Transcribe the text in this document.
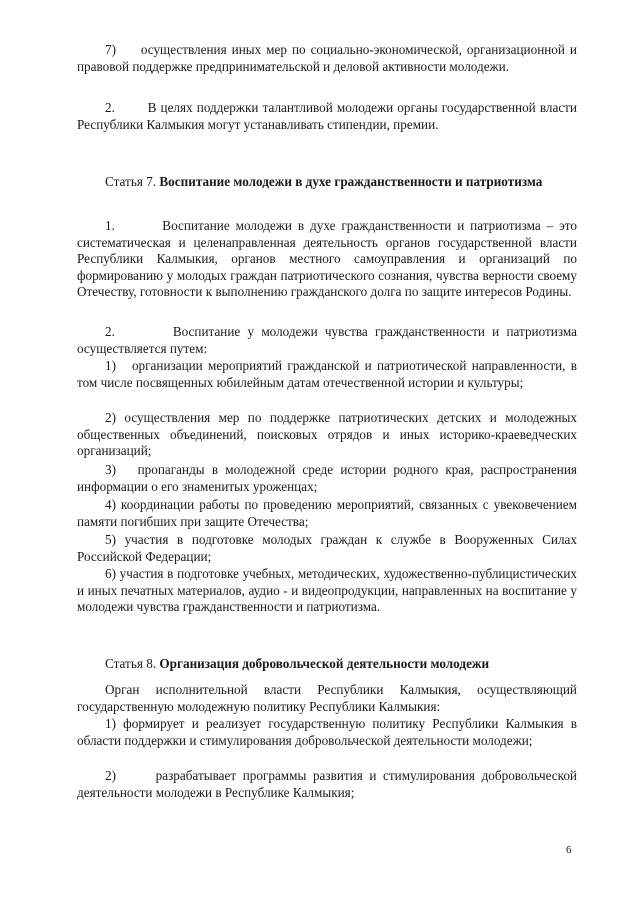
7)     осуществления иных мер по социально-экономической, организационной и правовой поддержке предпринимательской и деловой активности молодежи.
2.        В целях поддержки талантливой молодежи органы государственной власти Республики Калмыкия могут устанавливать стипендии, премии.
Статья 7. Воспитание молодежи в духе гражданственности и патриотизма
1.        Воспитание молодежи в духе гражданственности и патриотизма – это систематическая и целенаправленная деятельность органов государственной власти Республики Калмыкия, органов местного самоуправления и организаций по формированию у молодых граждан патриотического сознания, чувства верности своему Отечеству, готовности к выполнению гражданского долга по защите интересов Родины.
2.        Воспитание у молодежи чувства гражданственности и патриотизма осуществляется путем:
1)   организации мероприятий гражданской и патриотической направленности, в том числе посвященных юбилейным датам отечественной истории и культуры;
2) осуществления мер по поддержке патриотических детских и молодежных общественных объединений, поисковых отрядов и иных историко-краеведческих организаций;
3)   пропаганды в молодежной среде истории родного края, распространения информации о его знаменитых уроженцах;
4) координации работы по проведению мероприятий, связанных с увековечением памяти погибших при защите Отечества;
5) участия в подготовке молодых граждан к службе в Вооруженных Силах Российской Федерации;
6) участия в подготовке учебных, методических, художественно-публицистических и иных печатных материалов, аудио - и видеопродукции, направленных на воспитание у молодежи чувства гражданственности и патриотизма.
Статья 8. Организация добровольческой деятельности молодежи
Орган исполнительной власти Республики Калмыкия, осуществляющий государственную молодежную политику Республики Калмыкия:
1) формирует и реализует государственную политику Республики Калмыкия в области поддержки и стимулирования добровольческой деятельности молодежи;
2)      разрабатывает программы развития и стимулирования добровольческой деятельности молодежи в Республике Калмыкия;
6
